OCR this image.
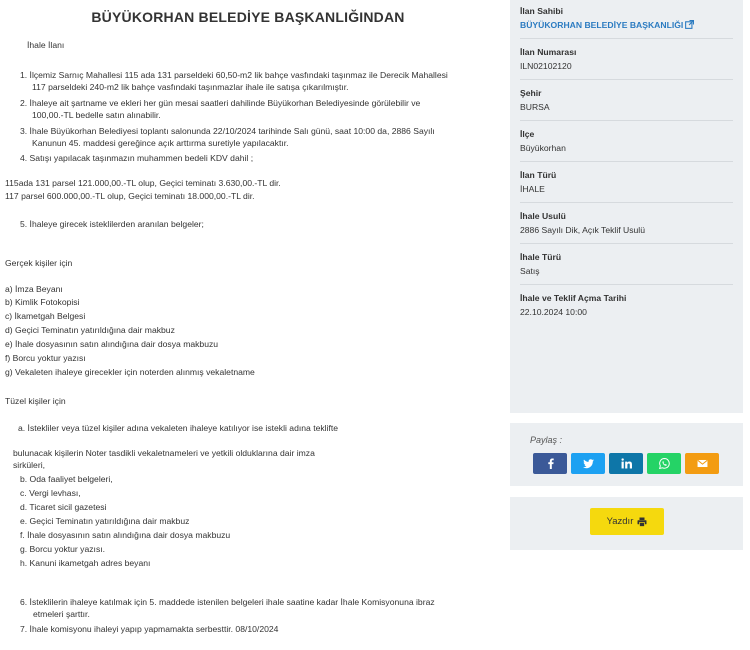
BÜYÜKORHAN BELEDİYE BAŞKANLIĞINDAN
İhale İlanı
1. İlçemiz Sarnıç Mahallesi 115 ada 131 parseldeki 60,50-m2 lik bahçe vasfındaki taşınmaz ile Derecik Mahallesi
117 parseldeki 240-m2 lik bahçe vasfındaki taşınmazlar ihale ile satışa çıkarılmıştır.
2. İhaleye ait şartname ve ekleri her gün mesai saatleri dahilinde Büyükorhan Belediyesinde görülebilir ve
100,00.-TL bedelle satın alınabilir.
3. İhale Büyükorhan Belediyesi toplantı salonunda 22/10/2024 tarihinde Salı günü, saat 10:00 da, 2886 Sayılı
Kanunun 45. maddesi gereğince açık arttırma suretiyle yapılacaktır.
4. Satışı yapılacak taşınmazın muhammen bedeli KDV dahil ;
115ada 131 parsel 121.000,00.-TL olup, Geçici teminatı 3.630,00.-TL dir.
117 parsel 600.000,00.-TL olup, Geçici teminatı 18.000,00.-TL dir.
5. İhaleye girecek isteklilerden aranılan belgeler;
Gerçek kişiler için
a) İmza Beyanı
b) Kimlik Fotokopisi
c) İkametgah Belgesi
d) Geçici Teminatın yatırıldığına dair makbuz
e) İhale dosyasının satın alındığına dair dosya makbuzu
f) Borcu yoktur yazısı
g) Vekaleten ihaleye girecekler için noterden alınmış vekaletname
Tüzel kişiler için
a. İstekliler veya tüzel kişiler adına vekaleten ihaleye katılıyor ise istekli adına teklifte
bulunacak kişilerin Noter tasdikli vekaletnameleri ve yetkili olduklarına dair imza
sirküleri,
b. Oda faaliyet belgeleri,
c. Vergi levhası,
d. Ticaret sicil gazetesi
e. Geçici Teminatın yatırıldığına dair makbuz
f. İhale dosyasının satın alındığına dair dosya makbuzu
g. Borcu yoktur yazısı.
h. Kanuni ikametgah adres beyanı
6. İsteklilerin ihaleye katılmak için 5. maddede istenilen belgeleri ihale saatine kadar İhale Komisyonuna ibraz
etmeleri şarttır.
7. İhale komisyonu ihaleyi yapıp yapmamakta serbesttir. 08/10/2024
İlan Sahibi
BÜYÜKORHAN BELEDİYE BAŞKANLIĞI
İlan Numarası
ILN02102120
Şehir
BURSA
İlçe
Büyükorhan
İlan Türü
İHALE
İhale Usulü
2886 Sayılı Dik, Açık Teklif Usulü
İhale Türü
Satış
İhale ve Teklif Açma Tarihi
22.10.2024 10:00
Paylaş :
Yazdır
